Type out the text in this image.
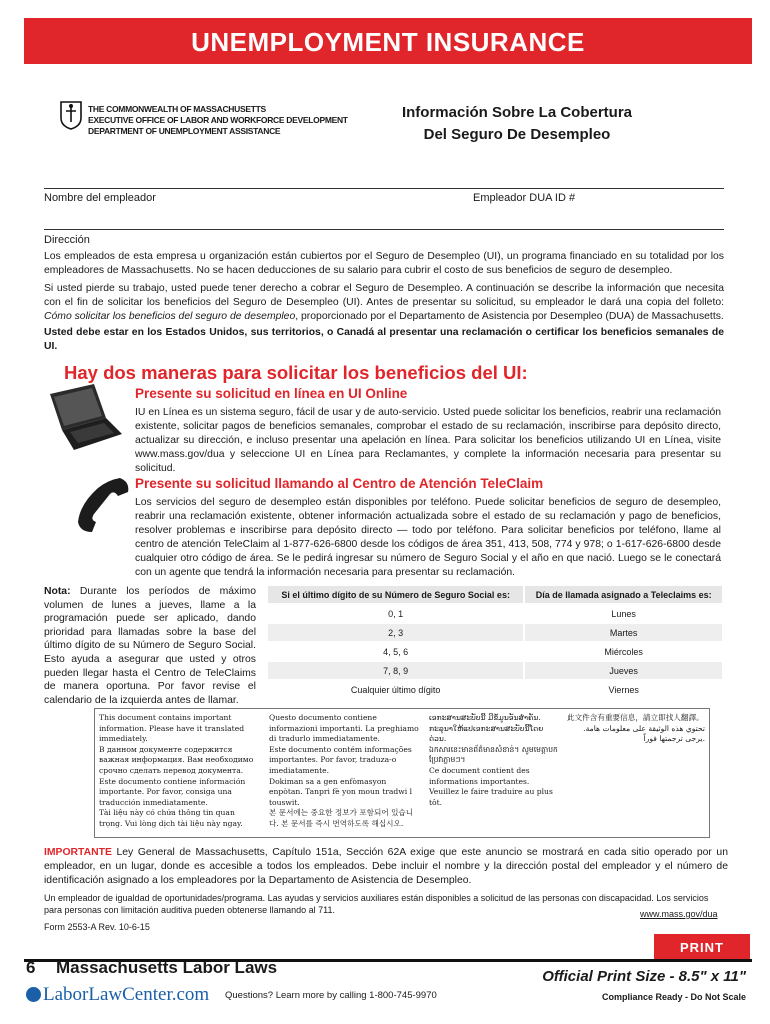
UNEMPLOYMENT INSURANCE
THE COMMONWEALTH OF MASSACHUSETTS
EXECUTIVE OFFICE OF LABOR AND WORKFORCE DEVELOPMENT
DEPARTMENT OF UNEMPLOYMENT ASSISTANCE
Información Sobre La Cobertura
Del Seguro De Desempleo
Nombre del empleador	Empleador DUA ID #
Dirección
Los empleados de esta empresa u organización están cubiertos por el Seguro de Desempleo (UI), un programa financiado en su totalidad por los empleadores de Massachusetts. No se hacen deducciones de su salario para cubrir el costo de sus beneficios de seguro de desempleo.
Si usted pierde su trabajo, usted puede tener derecho a cobrar el Seguro de Desempleo. A continuación se describe la información que necesita con el fin de solicitar los beneficios del Seguro de Desempleo (UI). Antes de presentar su solicitud, su empleador le dará una copia del folleto: Cómo solicitar los beneficios del seguro de desempleo, proporcionado por el Departamento de Asistencia por Desempleo (DUA) de Massachusetts.
Usted debe estar en los Estados Unidos, sus territorios, o Canadá al presentar una reclamación o certificar los beneficios semanales de UI.
Hay dos maneras para solicitar los beneficios del UI:
Presente su solicitud en línea en UI Online
IU en Línea es un sistema seguro, fácil de usar y de auto-servicio. Usted puede solicitar los beneficios, reabrir una reclamación existente, solicitar pagos de beneficios semanales, comprobar el estado de su reclamación, inscribirse para depósito directo, actualizar su dirección, e incluso presentar una apelación en línea. Para solicitar los beneficios utilizando UI en Línea, visite www.mass.gov/dua y seleccione UI en Línea para Reclamantes, y complete la información necesaria para presentar su solicitud.
Presente su solicitud llamando al Centro de Atención TeleClaim
Los servicios del seguro de desempleo están disponibles por teléfono. Puede solicitar beneficios de seguro de desempleo, reabrir una reclamación existente, obtener información actualizada sobre el estado de su reclamación y pago de beneficios, resolver problemas e inscribirse para depósito directo — todo por teléfono. Para solicitar beneficios por teléfono, llame al centro de atención TeleClaim al 1-877-626-6800 desde los códigos de área 351, 413, 508, 774 y 978; o 1-617-626-6800 desde cualquier otro código de área. Se le pedirá ingresar su número de Seguro Social y el año en que nació. Luego se le conectará con un agente que tendrá la información necesaria para presentar su reclamación.
Nota: Durante los períodos de máximo volumen de lunes a jueves, llame a la programación puede ser aplicado, dando prioridad para llamadas sobre la base del último dígito de su Número de Seguro Social. Esto ayuda a asegurar que usted y otros pueden llegar hasta el Centro de TeleClaims de manera oportuna. Por favor revise el calendario de la izquierda antes de llamar.
Si el último dígito de su Número de Seguro Social es:	Día de llamada asignado a Teleclaims es:
0, 1	Lunes
2, 3	Martes
4, 5, 6	Miércoles
7, 8, 9	Jueves
Cualquier último dígito	Viernes
This document contains important information. Please have it translated immediately.
В данном документе содержится важная информация. Вам необходимо срочно сделать перевод документа.
Este documento contiene información importante. Por favor, consiga una traducción inmediatamente.
Tài liệu này có chứa thông tin quan trọng. Vui lòng dịch tài liệu này ngay.
Questo documento contiene informazioni importanti. La preghiamo di tradurlo immediatamente.
Este documento contém informações importantes. Por favor, traduza-o imediatamente.
Dokiman sa a gen enfòmasyon enpòtan. Tanpri fè yon moun tradwi l touswit.
본 문서에는 중요한 정보가 포함되어 있습니다. 본 문서를 즉시 번역하도록 해십시오.
ເອກະສານສະບັບນີ້ ມີຂໍ້ມູນອັນສໍາຄັນ. ກະລຸນາໃຫ້ແປເອກະສານສະບັບນີ້ໂດຍດ່ວນ.
ឯកសារនេះមានព័ត៌មានសំខាន់។ សូមមេត្តាបកប្រែវាភ្លាមៗ។
Ce document contient des informations importantes. Veuillez le faire traduire au plus tôt.
此文件含有重要信息，請立即找人翻譯。
تحتوي هذه الوثيقة على معلومات هامة. يرجى ترجمتها فوراً.
IMPORTANTE Ley General de Massachusetts, Capítulo 151a, Sección 62A exige que este anuncio se mostrará en cada sitio operado por un empleador, en un lugar, donde es accesible a todos los empleados. Debe incluir el nombre y la dirección postal del empleador y el número de identificación asignado a los empleadores por la Departamento de Asistencia de Desempleo.
Un empleador de igualdad de oportunidades/programa. Las ayudas y servicios auxiliares están disponibles a solicitud de las personas con discapacidad. Los servicios para personas con limitación auditiva pueden obtenerse llamando al 711.	www.mass.gov/dua
Form 2553-A Rev. 10-6-15
PRINT
6 Massachusetts Labor Laws
LaborLawCenter.com Questions? Learn more by calling 1-800-745-9970
Official Print Size - 8.5" x 11"
Compliance Ready - Do Not Scale
